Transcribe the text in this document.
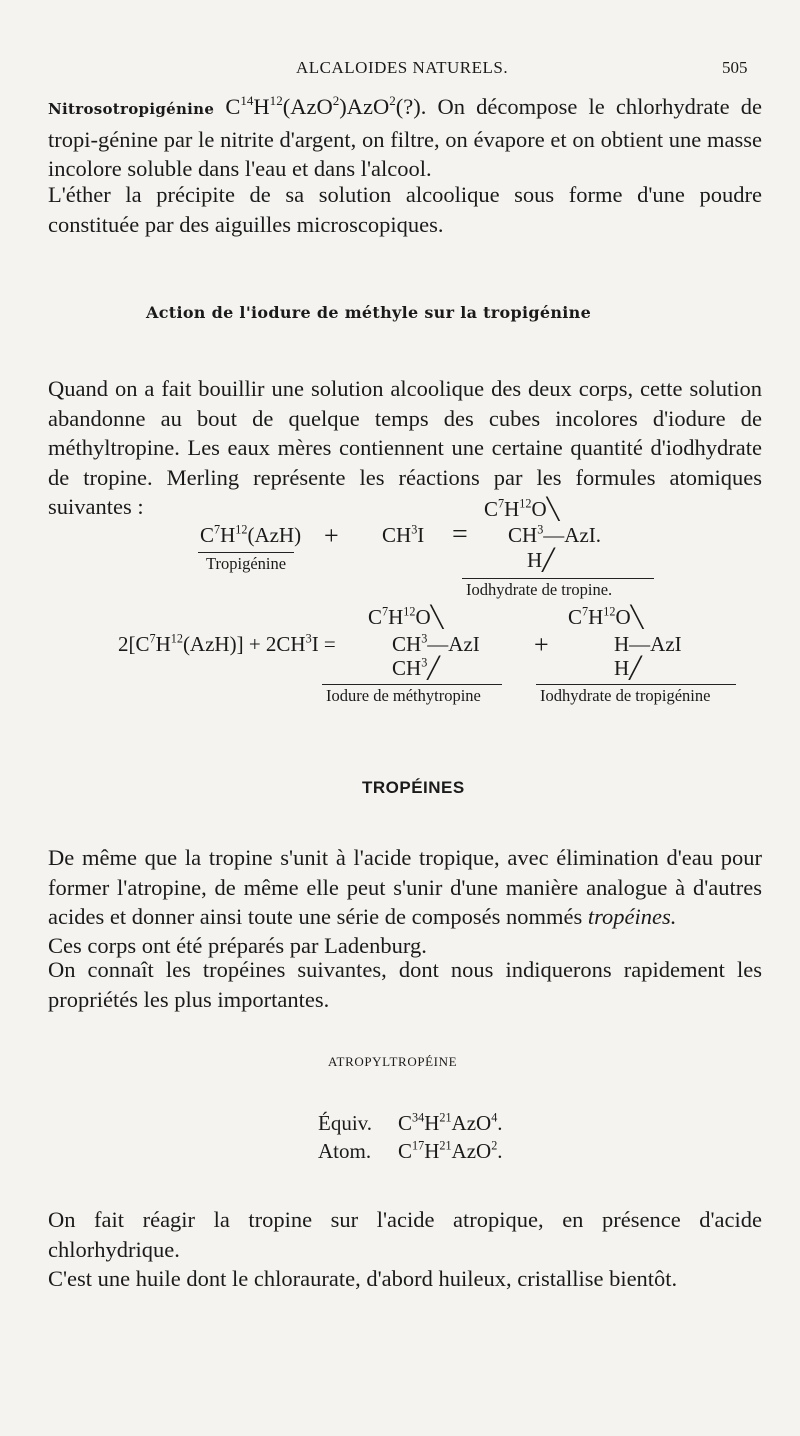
ALCALOIDES NATURELS.	505
Nitrosotropigénine $C^{14}H^{12}(AzO^2)AzO^2(?)$. On décompose le chlorhydrate de tropi-génine par le nitrite d'argent, on filtre, on évapore et on obtient une masse incolore soluble dans l'eau et dans l'alcool.
L'éther la précipite de sa solution alcoolique sous forme d'une poudre constituée par des aiguilles microscopiques.
Action de l'iodure de méthyle sur la tropigénine
Quand on a fait bouillir une solution alcoolique des deux corps, cette solution abandonne au bout de quelque temps des cubes incolores d'iodure de méthyltropine. Les eaux mères contiennent une certaine quantité d'iodhydrate de tropine. Merling représente les réactions par les formules atomiques suivantes :	$C^7H^{12}O╲$
$C^7H^{12}(AzH) + CH^3I$ = $CH^3—AzI$.
H╱
Tropigénine
Iodhydrate de tropine.
$C^7H^{12}O╲$	$C^7H^{12}O╲$
$2[C^7H^{12}(AzH)] + 2CH^3I$ =	$CH^3—AzI$ +	H—AzI
$CH^3╱$	H╱
Iodure de méthytropine	Iodhydrate de tropigénine
TROPÉINES
De même que la tropine s'unit à l'acide tropique, avec élimination d'eau pour former l'atropine, de même elle peut s'unir d'une manière analogue à d'autres acides et donner ainsi toute une série de composés nommés tropéines.
Ces corps ont été préparés par Ladenburg.
On connaît les tropéines suivantes, dont nous indiquerons rapidement les propriétés les plus importantes.
ATROPYLTROPÉINE
Équiv. $C^{34}H^{21}AzO^4$.
Atom. $C^{17}H^{21}AzO^2$.
On fait réagir la tropine sur l'acide atropique, en présence d'acide chlorhydrique.
C'est une huile dont le chloraurate, d'abord huileux, cristallise bientôt.
